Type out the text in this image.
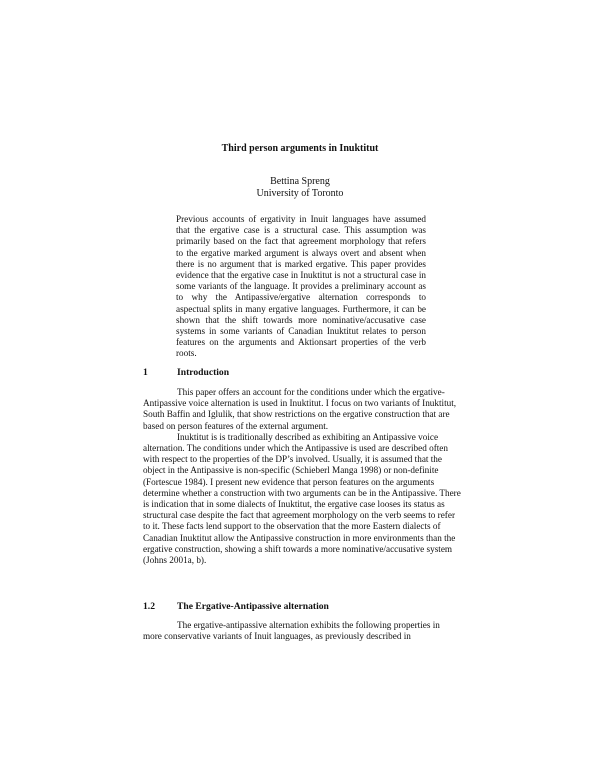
Third person arguments in Inuktitut
Bettina Spreng
University of Toronto
Previous accounts of ergativity in Inuit languages have assumed that the ergative case is a structural case. This assumption was primarily based on the fact that agreement morphology that refers to the ergative marked argument is always overt and absent when there is no argument that is marked ergative. This paper provides evidence that the ergative case in Inuktitut is not a structural case in some variants of the language. It provides a preliminary account as to why the Antipassive/ergative alternation corresponds to aspectual splits in many ergative languages. Furthermore, it can be shown that the shift towards more nominative/accusative case systems in some variants of Canadian Inuktitut relates to person features on the arguments and Aktionsart properties of the verb roots.
1	Introduction

This paper offers an account for the conditions under which the ergative-Antipassive voice alternation is used in Inuktitut. I focus on two variants of Inuktitut, South Baffin and Iglulik, that show restrictions on the ergative construction that are based on person features of the external argument.

Inuktitut is is traditionally described as exhibiting an Antipassive voice alternation. The conditions under which the Antipassive is used are described often with respect to the properties of the DP’s involved. Usually, it is assumed that the object in the Antipassive is non-specific (Schieberl Manga 1998) or non-definite (Fortescue 1984). I present new evidence that person features on the arguments determine whether a construction with two arguments can be in the Antipassive. There is indication that in some dialects of Inuktitut, the ergative case looses its status as structural case despite the fact that agreement morphology on the verb seems to refer to it. These facts lend support to the observation that the more Eastern dialects of Canadian Inuktitut allow the Antipassive construction in more environments than the ergative construction, showing a shift towards a more nominative/accusative system (Johns 2001a, b).

1.2 The Ergative-Antipassive alternation

The ergative-antipassive alternation exhibits the following properties in more conservative variants of Inuit languages, as previously described in
